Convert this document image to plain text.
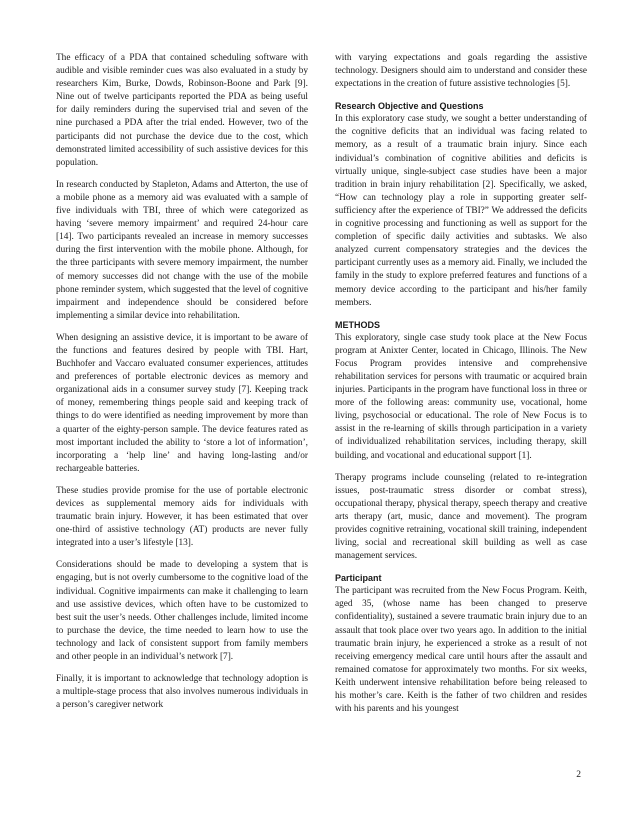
The efficacy of a PDA that contained scheduling software with audible and visible reminder cues was also evaluated in a study by researchers Kim, Burke, Dowds, Robinson-Boone and Park [9]. Nine out of twelve participants reported the PDA as being useful for daily reminders during the supervised trial and seven of the nine purchased a PDA after the trial ended. However, two of the participants did not purchase the device due to the cost, which demonstrated limited accessibility of such assistive devices for this population.

In research conducted by Stapleton, Adams and Atterton, the use of a mobile phone as a memory aid was evaluated with a sample of five individuals with TBI, three of which were categorized as having ‘severe memory impairment’ and required 24-hour care [14]. Two participants revealed an increase in memory successes during the first intervention with the mobile phone. Although, for the three participants with severe memory impairment, the number of memory successes did not change with the use of the mobile phone reminder system, which suggested that the level of cognitive impairment and independence should be considered before implementing a similar device into rehabilitation.

When designing an assistive device, it is important to be aware of the functions and features desired by people with TBI. Hart, Buchhofer and Vaccaro evaluated consumer experiences, attitudes and preferences of portable electronic devices as memory and organizational aids in a consumer survey study [7]. Keeping track of money, remembering things people said and keeping track of things to do were identified as needing improvement by more than a quarter of the eighty-person sample. The device features rated as most important included the ability to ‘store a lot of information’, incorporating a ‘help line’ and having long-lasting and/or rechargeable batteries.

These studies provide promise for the use of portable electronic devices as supplemental memory aids for individuals with traumatic brain injury. However, it has been estimated that over one-third of assistive technology (AT) products are never fully integrated into a user’s lifestyle [13].

Considerations should be made to developing a system that is engaging, but is not overly cumbersome to the cognitive load of the individual. Cognitive impairments can make it challenging to learn and use assistive devices, which often have to be customized to best suit the user’s needs. Other challenges include, limited income to purchase the device, the time needed to learn how to use the technology and lack of consistent support from family members and other people in an individual’s network [7].

Finally, it is important to acknowledge that technology adoption is a multiple-stage process that also involves numerous individuals in a person’s caregiver network

with varying expectations and goals regarding the assistive technology. Designers should aim to understand and consider these expectations in the creation of future assistive technologies [5].

Research Objective and Questions

In this exploratory case study, we sought a better understanding of the cognitive deficits that an individual was facing related to memory, as a result of a traumatic brain injury. Since each individual’s combination of cognitive abilities and deficits is virtually unique, single-subject case studies have been a major tradition in brain injury rehabilitation [2]. Specifically, we asked, “How can technology play a role in supporting greater self-sufficiency after the experience of TBI?” We addressed the deficits in cognitive processing and functioning as well as support for the completion of specific daily activities and subtasks. We also analyzed current compensatory strategies and the devices the participant currently uses as a memory aid. Finally, we included the family in the study to explore preferred features and functions of a memory device according to the participant and his/her family members.

METHODS

This exploratory, single case study took place at the New Focus program at Anixter Center, located in Chicago, Illinois. The New Focus Program provides intensive and comprehensive rehabilitation services for persons with traumatic or acquired brain injuries. Participants in the program have functional loss in three or more of the following areas: community use, vocational, home living, psychosocial or educational. The role of New Focus is to assist in the re-learning of skills through participation in a variety of individualized rehabilitation services, including therapy, skill building, and vocational and educational support [1].

Therapy programs include counseling (related to re-integration issues, post-traumatic stress disorder or combat stress), occupational therapy, physical therapy, speech therapy and creative arts therapy (art, music, dance and movement). The program provides cognitive retraining, vocational skill training, independent living, social and recreational skill building as well as case management services.

Participant

The participant was recruited from the New Focus Program. Keith, aged 35, (whose name has been changed to preserve confidentiality), sustained a severe traumatic brain injury due to an assault that took place over two years ago. In addition to the initial traumatic brain injury, he experienced a stroke as a result of not receiving emergency medical care until hours after the assault and remained comatose for approximately two months. For six weeks, Keith underwent intensive rehabilitation before being released to his mother’s care. Keith is the father of two children and resides with his parents and his youngest

2
